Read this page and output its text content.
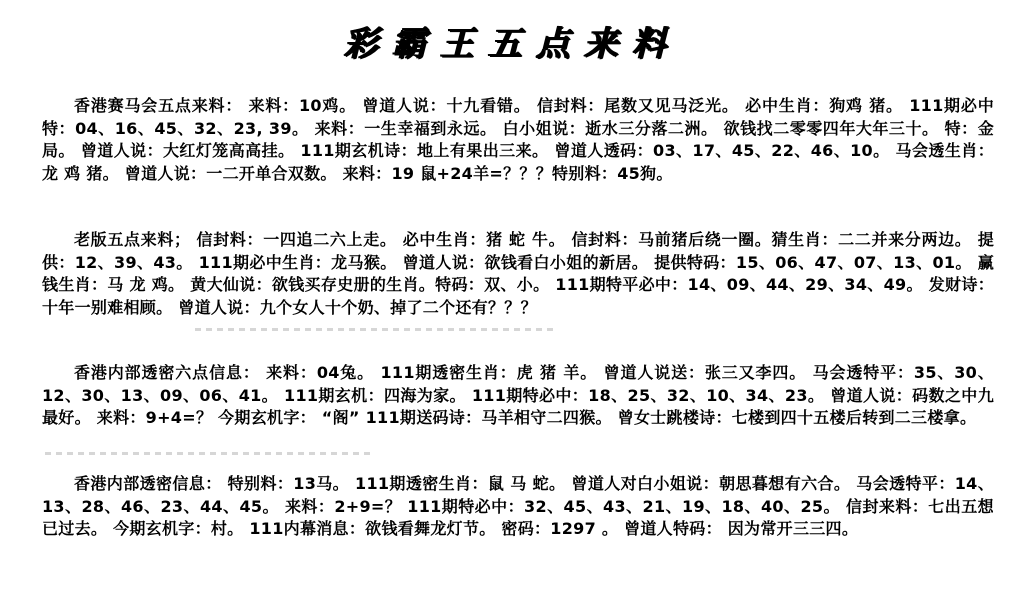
彩霸王五点来料
香港赛马会五点来料： 来料：10鸡。 曾道人说：十九看错。 信封料：尾数又见马泛光。 必中生肖：狗鸡 猪。 111期必中特：04、16、45、32、23, 39。 来料：一生幸福到永远。 白小姐说：逝水三分落二洲。 欲钱找二零零四年大年三十。 特：金局。 曾道人说：大红灯笼高高挂。 111期玄机诗：地上有果出三来。 曾道人透码：03、17、45、22、46、10。 马会透生肖：龙 鸡 猪。 曾道人说：一二开单合双数。 来料：19 鼠+24羊=？？？特别料：45狗。
老版五点来料； 信封料：一四追二六上走。 必中生肖：猪 蛇 牛。 信封料：马前猪后绕一圈。猜生肖：二二并来分两边。 提供：12、39、43。 111期必中生肖：龙马猴。 曾道人说：欲钱看白小姐的新居。 提供特码：15、06、47、07、13、01。 赢钱生肖：马 龙 鸡。 黄大仙说：欲钱买存史册的生肖。特码：双、小。 111期特平必中：14、09、44、29、34、49。 发财诗：十年一别难相顾。 曾道人说：九个女人十个奶、掉了二个还有？？？
香港内部透密六点信息： 来料：04兔。 111期透密生肖：虎 猪 羊。 曾道人说送：张三又李四。 马会透特平：35、30、12、30、13、09、06、41。 111期玄机：四海为家。 111期特必中：18、25、32、10、34、23。 曾道人说：码数之中九最好。 来料：9+4=？ 今期玄机字： “阁” 111期送码诗：马羊相守二四猴。 曾女士跳楼诗：七楼到四十五楼后转到二三楼拿。
香港内部透密信息： 特别料：13马。 111期透密生肖：鼠 马 蛇。 曾道人对白小姐说：朝思暮想有六合。 马会透特平：14、13、28、46、23、44、45。 来料：2+9=？ 111期特必中：32、45、43、21、19、18、40、25。 信封来料：七出五想已过去。 今期玄机字：村。 111内幕消息：欲钱看舞龙灯节。 密码：1297 。 曾道人特码： 因为常开三三四。
